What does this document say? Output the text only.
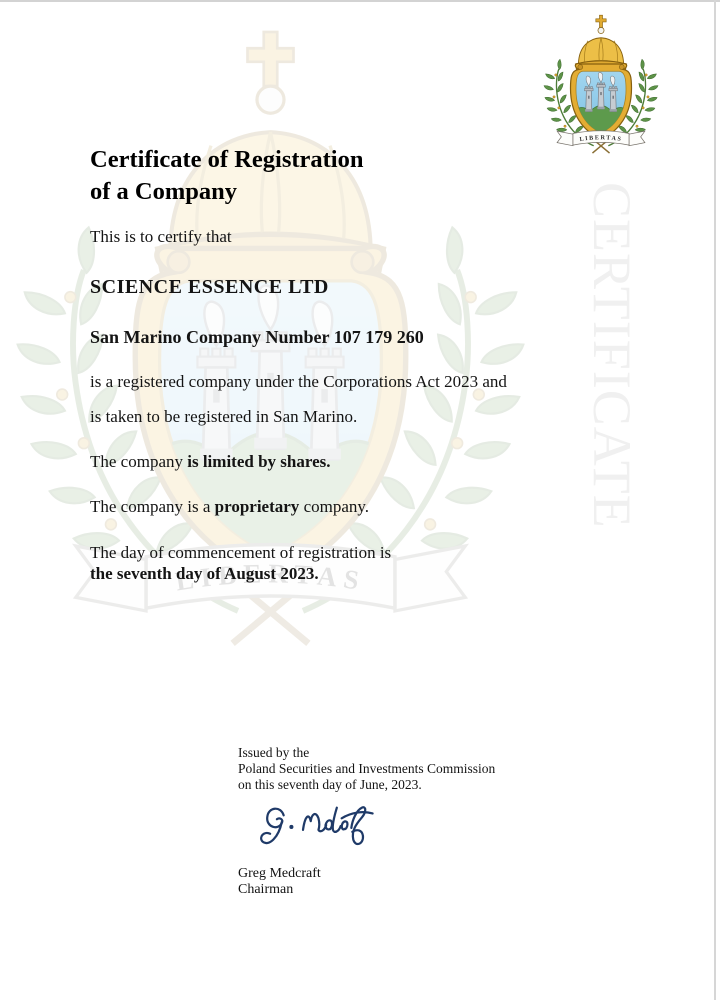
CERTIFICATE
Certificate of Registration
of a Company
This is to certify that
SCIENCE ESSENCE LTD
San Marino Company Number 107 179 260
is a registered company under the Corporations Act 2023 and
is taken to be registered in San Marino.
The company is limited by shares.
The company is a proprietary company.
The day of commencement of registration is
the seventh day of August 2023.
Issued by the
Poland Securities and Investments Commission
on this seventh day of June, 2023.
Greg Medcraft
Chairman
